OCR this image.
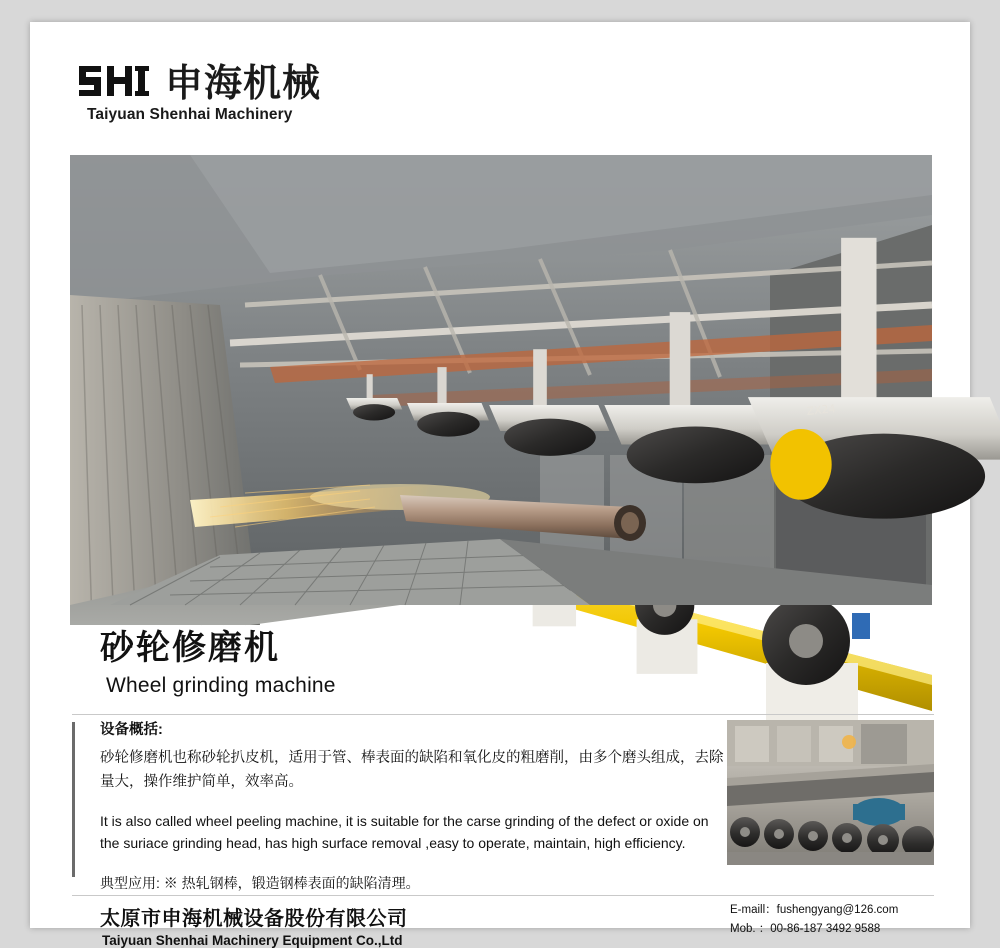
申海机械
Taiyuan Shenhai Machinery
ZX24
砂轮修磨机
Wheel grinding machine
设备概括:

砂轮修磨机也称砂轮扒皮机，适用于管、棒表面的缺陷和氧化皮的粗磨削，由多个磨头组成，去除量大，操作维护简单，效率高。

It is also called wheel peeling machine, it is suitable for the carse grinding of the defect or oxide on the suriace grinding head, has high surface removal ,easy to operate, maintain, high efficiency.

典型应用: ※ 热轧钢棒，锻造钢棒表面的缺陷清理。
太原市申海机械设备股份有限公司
Taiyuan Shenhai Machinery Equipment Co.,Ltd
E-maill：fushengyang@126.com
Mob. ：00-86-187 3492 9588
